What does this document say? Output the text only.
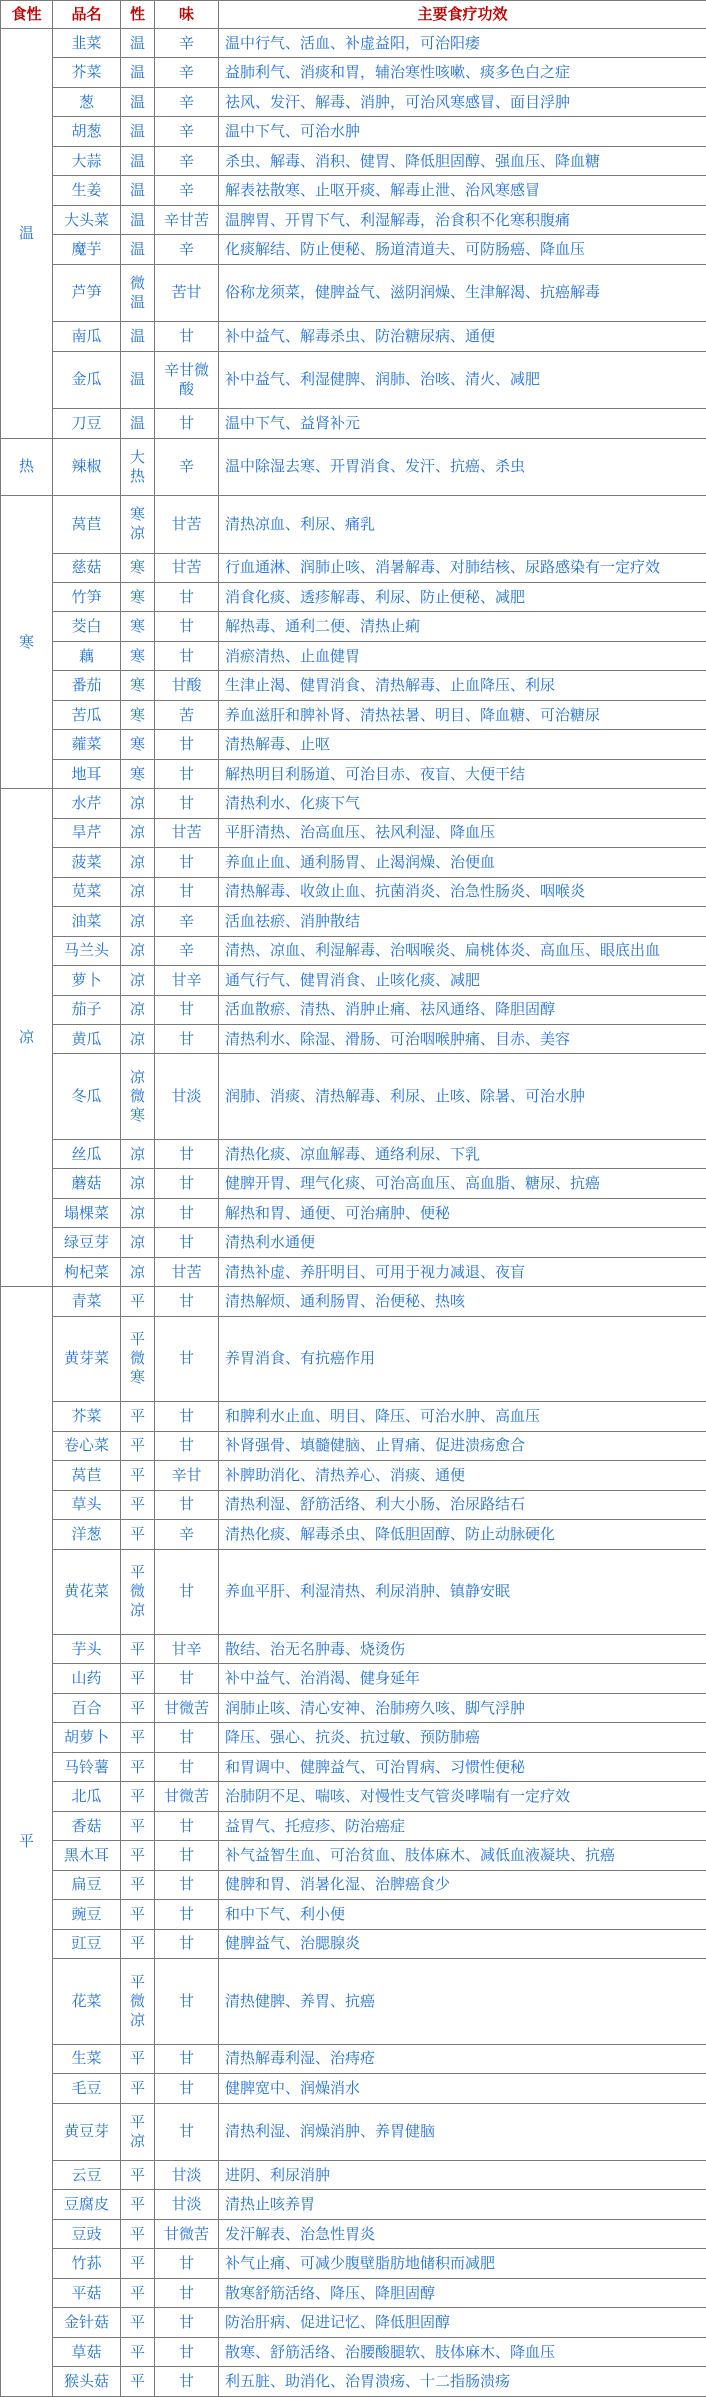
食性	品名	性	味	主要食疗功效
温	韭菜	温	辛	温中行气、活血、补虚益阳，可治阳痿
	芥菜	温	辛	益肺利气、消痰和胃，辅治寒性咳嗽、痰多色白之症
	葱	温	辛	祛风、发汗、解毒、消肿，可治风寒感冒、面目浮肿
	胡葱	温	辛	温中下气、可治水肿
	大蒜	温	辛	杀虫、解毒、消积、健胃、降低胆固醇、强血压、降血糖
	生姜	温	辛	解表祛散寒、止呕开痰、解毒止泄、治风寒感冒
	大头菜	温	辛甘苦	温脾胃、开胃下气、利湿解毒，治食积不化寒积腹痛
	魔芋	温	辛	化痰解结、防止便秘、肠道清道夫、可防肠癌、降血压
	芦笋	微温	苦甘	俗称龙须菜，健脾益气、滋阴润燥、生津解渴、抗癌解毒
	南瓜	温	甘	补中益气、解毒杀虫、防治糖尿病、通便
	金瓜	温	辛甘微酸	补中益气、利湿健脾、润肺、治咳、清火、减肥
	刀豆	温	甘	温中下气、益肾补元
热	辣椒	大热	辛	温中除湿去寒、开胃消食、发汗、抗癌、杀虫
寒	莴苣	寒凉	甘苦	清热凉血、利尿、痛乳
	慈菇	寒	甘苦	行血通淋、润肺止咳、消暑解毒、对肺结核、尿路感染有一定疗效
	竹笋	寒	甘	消食化痰、透疹解毒、利尿、防止便秘、减肥
	茭白	寒	甘	解热毒、通利二便、清热止痢
	藕	寒	甘	消瘀清热、止血健胃
	番茄	寒	甘酸	生津止渴、健胃消食、清热解毒、止血降压、利尿
	苦瓜	寒	苦	养血滋肝和脾补肾、清热祛暑、明目、降血糖、可治糖尿
	蕹菜	寒	甘	清热解毒、止呕
	地耳	寒	甘	解热明目利肠道、可治目赤、夜盲、大便干结
凉	水芹	凉	甘	清热利水、化痰下气
	旱芹	凉	甘苦	平肝清热、治高血压、祛风利湿、降血压
	菠菜	凉	甘	养血止血、通利肠胃、止渴润燥、治便血
	苋菜	凉	甘	清热解毒、收敛止血、抗菌消炎、治急性肠炎、咽喉炎
	油菜	凉	辛	活血祛瘀、消肿散结
	马兰头	凉	辛	清热、凉血、利湿解毒、治咽喉炎、扁桃体炎、高血压、眼底出血
	萝卜	凉	甘辛	通气行气、健胃消食、止咳化痰、减肥
	茄子	凉	甘	活血散瘀、清热、消肿止痛、祛风通络、降胆固醇
	黄瓜	凉	甘	清热利水、除湿、滑肠、可治咽喉肿痛、目赤、美容
	冬瓜	凉微寒	甘淡	润肺、消痰、清热解毒、利尿、止咳、除暑、可治水肿
	丝瓜	凉	甘	清热化痰、凉血解毒、通络利尿、下乳
	蘑菇	凉	甘	健脾开胃、理气化痰、可治高血压、高血脂、糖尿、抗癌
	塌棵菜	凉	甘	解热和胃、通便、可治痛肿、便秘
	绿豆芽	凉	甘	清热利水通便
	枸杞菜	凉	甘苦	清热补虚、养肝明目、可用于视力减退、夜盲
平	青菜	平	甘	清热解烦、通利肠胃、治便秘、热咳
	黄芽菜	平微寒	甘	养胃消食、有抗癌作用
	芥菜	平	甘	和脾利水止血、明目、降压、可治水肿、高血压
	卷心菜	平	甘	补肾强骨、填髓健脑、止胃痛、促进溃疡愈合
	莴苣	平	辛甘	补脾助消化、清热养心、消痰、通便
	草头	平	甘	清热利湿、舒筋活络、利大小肠、治尿路结石
	洋葱	平	辛	清热化痰、解毒杀虫、降低胆固醇、防止动脉硬化
	黄花菜	平微凉	甘	养血平肝、利湿清热、利尿消肿、镇静安眠
	芋头	平	甘辛	散结、治无名肿毒、烧烫伤
	山药	平	甘	补中益气、治消渴、健身延年
	百合	平	甘微苦	润肺止咳、清心安神、治肺痨久咳、脚气浮肿
	胡萝卜	平	甘	降压、强心、抗炎、抗过敏、预防肺癌
	马铃薯	平	甘	和胃调中、健脾益气、可治胃病、习惯性便秘
	北瓜	平	甘微苦	治肺阴不足、喘咳、对慢性支气管炎哮喘有一定疗效
	香菇	平	甘	益胃气、托痘疹、防治癌症
	黑木耳	平	甘	补气益智生血、可治贫血、肢体麻木、减低血液凝块、抗癌
	扁豆	平	甘	健脾和胃、消暑化湿、治脾癌食少
	豌豆	平	甘	和中下气、利小便
	豇豆	平	甘	健脾益气、治腮腺炎
	花菜	平微凉	甘	清热健脾、养胃、抗癌
	生菜	平	甘	清热解毒利湿、治痔疮
	毛豆	平	甘	健脾宽中、润燥消水
	黄豆芽	平凉	甘	清热利湿、润燥消肿、养胃健脑
	云豆	平	甘淡	进阴、利尿消肿
	豆腐皮	平	甘淡	清热止咳养胃
	豆豉	平	甘微苦	发汗解表、治急性胃炎
	竹荪	平	甘	补气止痛、可减少腹壁脂肪地储积而减肥
	平菇	平	甘	散寒舒筋活络、降压、降胆固醇
	金针菇	平	甘	防治肝病、促进记忆、降低胆固醇
	草菇	平	甘	散寒、舒筋活络、治腰酸腿软、肢体麻木、降血压
	猴头菇	平	甘	利五脏、助消化、治胃溃疡、十二指肠溃疡
